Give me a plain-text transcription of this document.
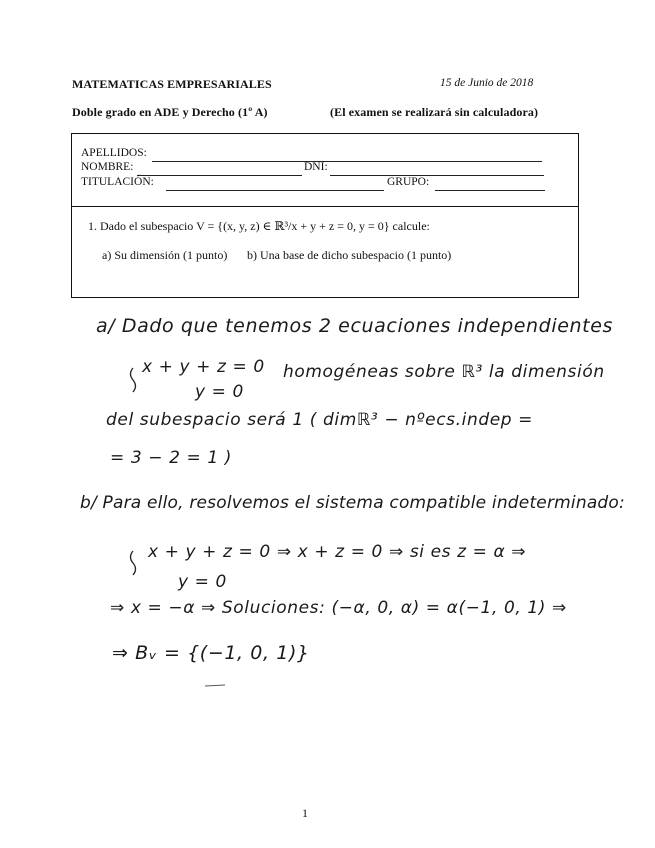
MATEMATICAS EMPRESARIALES	15 de Junio de 2018
Doble grado en ADE y Derecho (1º A)	(El examen se realizará sin calculadora)
APELLIDOS:
NOMBRE:	DNI:
TITULACIÓN:	GRUPO:
1. Dado el subespacio V = {(x, y, z) ∈ ℝ³/x + y + z = 0, y = 0} calcule:
a) Su dimensión (1 punto) b) Una base de dicho subespacio (1 punto)
a/ Dado que tenemos 2 ecuaciones independientes
x + y + z = 0 homogéneas sobre ℝ³ la dimensión
y = 0
del subespacio será 1 ( dimℝ³ − nºecs.indep =
= 3 − 2 = 1 )
b/ Para ello, resolvemos el sistema compatible indeterminado:
x + y + z = 0 ⇒ x + z = 0 ⇒ si es z = α ⇒
y = 0
⇒ x = −α ⇒ Soluciones: (−α, 0, α) = α(−1, 0, 1) ⇒
⇒ Bᵥ = {(−1, 0, 1)}
1
